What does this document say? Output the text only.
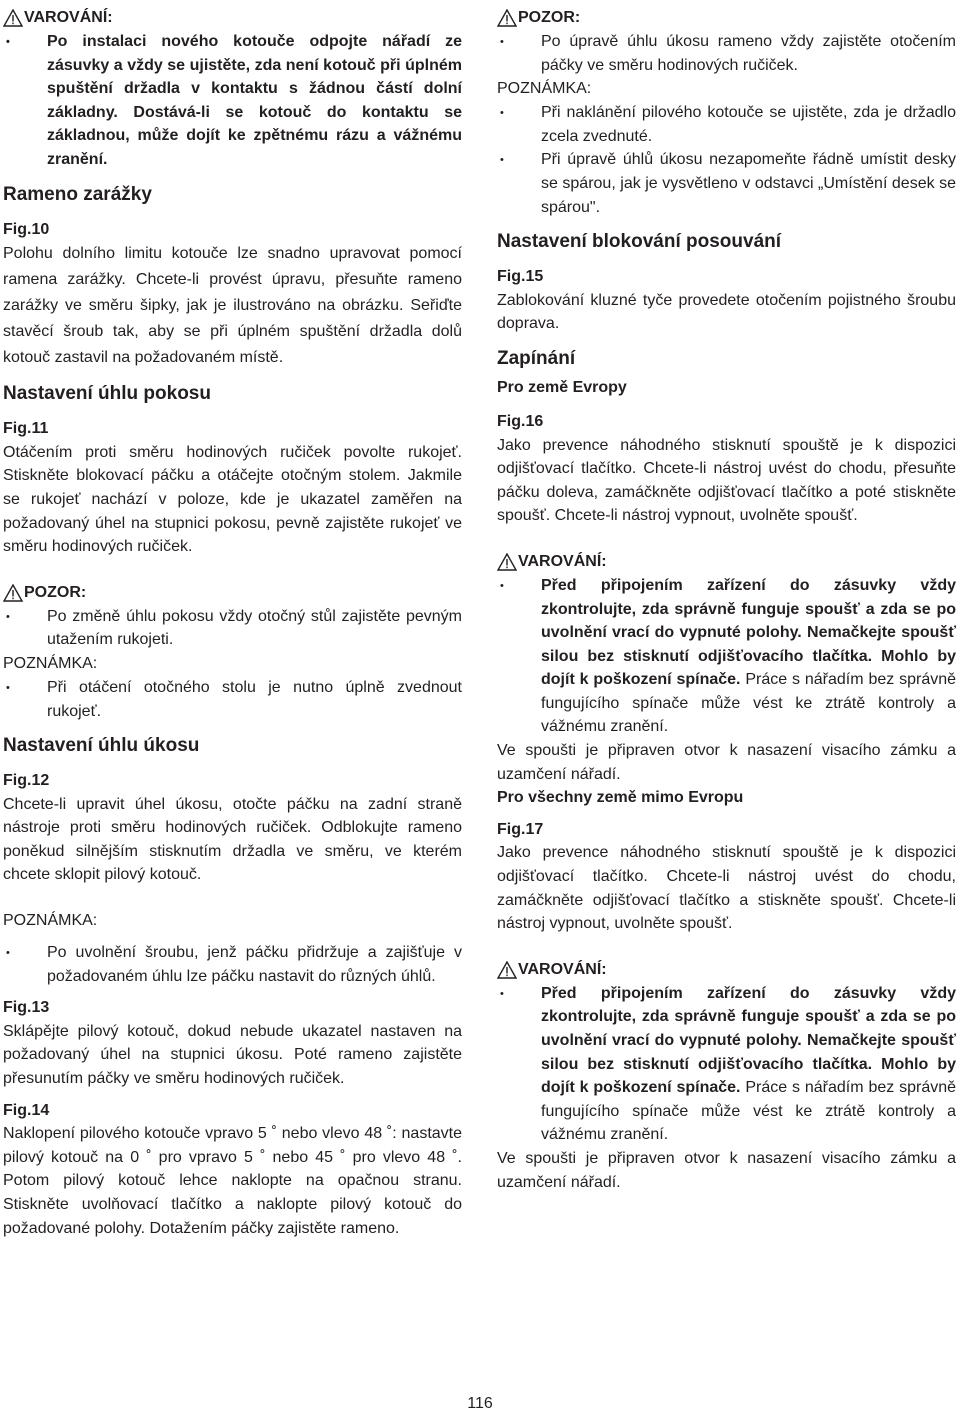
VAROVÁNÍ:

• Po instalaci nového kotouče odpojte nářadí ze zásuvky a vždy se ujistěte, zda není kotouč při úplném spuštění držadla v kontaktu s žádnou částí dolní základny. Dostává-li se kotouč do kontaktu se základnou, může dojít ke zpětnému rázu a vážnému zranění.

Rameno zarážky

Fig.10

Polohu dolního limitu kotouče lze snadno upravovat pomocí ramena zarážky. Chcete-li provést úpravu, přesuňte rameno zarážky ve směru šipky, jak je ilustrováno na obrázku. Seřiďte stavěcí šroub tak, aby se při úplném spuštění držadla dolů kotouč zastavil na požadovaném místě.

Nastavení úhlu pokosu

Fig.11

Otáčením proti směru hodinových ručiček povolte rukojeť. Stiskněte blokovací páčku a otáčejte otočným stolem. Jakmile se rukojeť nachází v poloze, kde je ukazatel zaměřen na požadovaný úhel na stupnici pokosu, pevně zajistěte rukojeť ve směru hodinových ručiček.

POZOR:

• Po změně úhlu pokosu vždy otočný stůl zajistěte pevným utažením rukojeti.

POZNÁMKA:

• Při otáčení otočného stolu je nutno úplně zvednout rukojeť.

Nastavení úhlu úkosu

Fig.12

Chcete-li upravit úhel úkosu, otočte páčku na zadní straně nástroje proti směru hodinových ručiček. Odblokujte rameno poněkud silnějším stisknutím držadla ve směru, ve kterém chcete sklopit pilový kotouč.

POZNÁMKA:

• Po uvolnění šroubu, jenž páčku přidržuje a zajišťuje v požadovaném úhlu lze páčku nastavit do různých úhlů.

Fig.13

Sklápějte pilový kotouč, dokud nebude ukazatel nastaven na požadovaný úhel na stupnici úkosu. Poté rameno zajistěte přesunutím páčky ve směru hodinových ručiček.

Fig.14

Naklopení pilového kotouče vpravo 5 ˚ nebo vlevo 48 ˚: nastavte pilový kotouč na 0 ˚ pro vpravo 5 ˚ nebo 45 ˚ pro vlevo 48 ˚. Potom pilový kotouč lehce naklopte na opačnou stranu. Stiskněte uvolňovací tlačítko a naklopte pilový kotouč do požadované polohy. Dotažením páčky zajistěte rameno.

POZOR:

• Po úpravě úhlu úkosu rameno vždy zajistěte otočením páčky ve směru hodinových ručiček.

POZNÁMKA:

• Při naklánění pilového kotouče se ujistěte, zda je držadlo zcela zvednuté.

• Při úpravě úhlů úkosu nezapomeňte řádně umístit desky se spárou, jak je vysvětleno v odstavci „Umístění desek se spárou".

Nastavení blokování posouvání

Fig.15

Zablokování kluzné tyče provedete otočením pojistného šroubu doprava.

Zapínání

Pro země Evropy

Fig.16

Jako prevence náhodného stisknutí spouště je k dispozici odjišťovací tlačítko. Chcete-li nástroj uvést do chodu, přesuňte páčku doleva, zamáčkněte odjišťovací tlačítko a poté stiskněte spoušť. Chcete-li nástroj vypnout, uvolněte spoušť.

VAROVÁNÍ:

• Před připojením zařízení do zásuvky vždy zkontrolujte, zda správně funguje spoušť a zda se po uvolnění vrací do vypnuté polohy. Nemačkejte spoušť silou bez stisknutí odjišťovacího tlačítka. Mohlo by dojít k poškození spínače. Práce s nářadím bez správně fungujícího spínače může vést ke ztrátě kontroly a vážnému zranění.

Ve spoušti je připraven otvor k nasazení visacího zámku a uzamčení nářadí.

Pro všechny země mimo Evropu

Fig.17

Jako prevence náhodného stisknutí spouště je k dispozici odjišťovací tlačítko. Chcete-li nástroj uvést do chodu, zamáčkněte odjišťovací tlačítko a stiskněte spoušť. Chcete-li nástroj vypnout, uvolněte spoušť.

VAROVÁNÍ:

• Před připojením zařízení do zásuvky vždy zkontrolujte, zda správně funguje spoušť a zda se po uvolnění vrací do vypnuté polohy. Nemačkejte spoušť silou bez stisknutí odjišťovacího tlačítka. Mohlo by dojít k poškození spínače. Práce s nářadím bez správně fungujícího spínače může vést ke ztrátě kontroly a vážnému zranění.

Ve spoušti je připraven otvor k nasazení visacího zámku a uzamčení nářadí.

116
